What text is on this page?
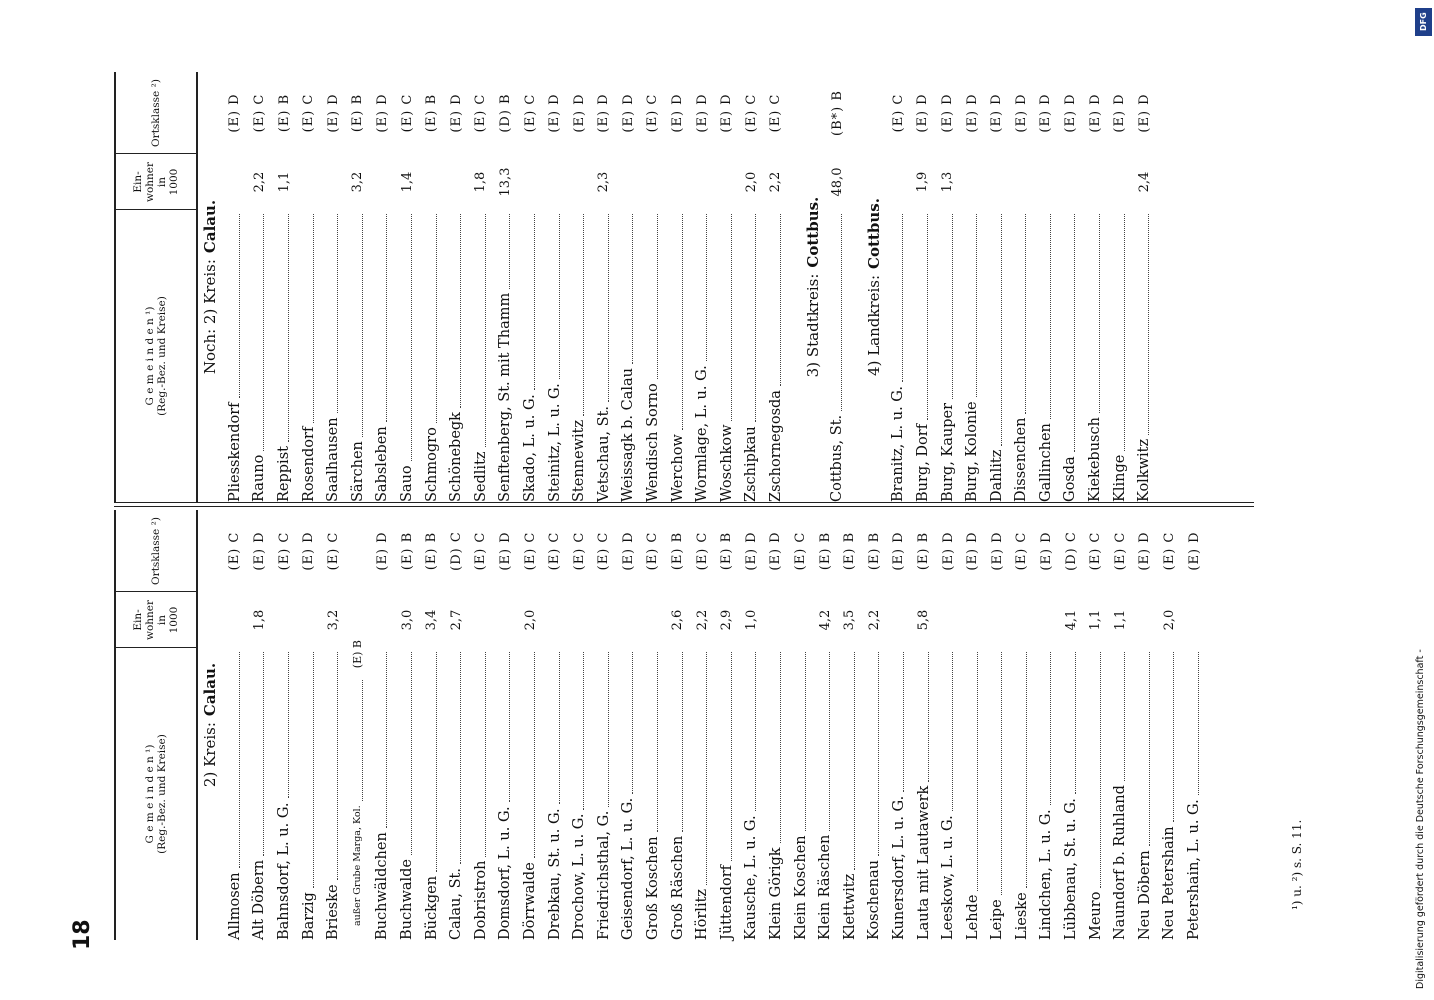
18
G e m e i n d e n ¹) (Reg.-Bez. und Kreise)
Ein- wohner in 1000
Ortsklasse ²)
2) Kreis:
Calau.
Allmosen
(E) C
Alt Döbern
1,8
(E) D
Bahnsdorf, L. u. G.
(E) C
Barzig
(E) D
Brieske
3,2
(E) C
außer Grube Marga, Kol.
(E) B
Buchwäldchen
(E) D
Buchwalde
3,0
(E) B
Bückgen
3,4
(E) B
Calau, St.
2,7
(D) C
Dobristroh
(E) C
Domsdorf, L. u. G.
(E) D
Dörrwalde
2,0
(E) C
Drebkau, St. u. G.
(E) C
Drochow, L. u. G.
(E) C
Friedrichsthal, G.
(E) C
Geisendorf, L. u. G.
(E) D
Groß Koschen
(E) C
Groß Räschen
2,6
(E) B
Hörlitz
2,2
(E) C
Jüttendorf
2,9
(E) B
Kausche, L. u. G.
1,0
(E) D
Klein Görigk
(E) D
Klein Koschen
(E) C
Klein Räschen
4,2
(E) B
Klettwitz
3,5
(E) B
Koschenau
2,2
(E) B
Kunersdorf, L. u. G.
(E) D
Lauta mit Lautawerk
5,8
(E) B
Leeskow, L. u. G.
(E) D
Lehde
(E) D
Leipe
(E) D
Lieske
(E) C
Lindchen, L. u. G.
(E) D
Lübbenau, St. u. G.
4,1
(D) C
Meuro
1,1
(E) C
Naundorf b. Ruhland
1,1
(E) C
Neu Döbern
(E) D
Neu Petershain
2,0
(E) C
Petershain, L. u. G.
(E) D
G e m e i n d e n ¹) (Reg.-Bez. und Kreise)
Ein- wohner in 1000
Ortsklasse ²)
Noch: 2) Kreis:
Calau.
Pliesskendorf
(E) D
Rauno
2,2
(E) C
Reppist
1,1
(E) B
Rosendorf
(E) C
Saalhausen
(E) D
Särchen
3,2
(E) B
Sabsleben
(E) D
Sauo
1,4
(E) C
Schmogro
(E) B
Schönebegk
(E) D
Sedlitz
1,8
(E) C
Senftenberg, St. mit Thamm
13,3
(D) B
Skado, L. u. G.
(E) C
Steinitz, L. u. G.
(E) D
Stennewitz
(E) D
Vetschau, St.
2,3
(E) D
Weissagk b. Calau
(E) D
Wendisch Sorno
(E) C
Werchow
(E) D
Wormlage, L. u. G.
(E) D
Woschkow
(E) D
Zschipkau
2,0
(E) C
Zschornegosda
2,2
(E) C
3) Stadtkreis:
Cottbus.
Cottbus, St.
48,0
(B*) B
4) Landkreis:
Cottbus.
Branitz, L. u. G.
(E) C
Burg, Dorf
1,9
(E) D
Burg, Kauper
1,3
(E) D
Burg, Kolonie
(E) D
Dahlitz
(E) D
Dissenchen
(E) D
Gallinchen
(E) D
Gosda
(E) D
Kiekebusch
(E) D
Klinge
(E) D
Kolkwitz
2,4
(E) D
¹) u. ²) s. S. 11.	Digitalisierung gefördert durch die Deutsche Forschungsgemeinschaft -
DFG
